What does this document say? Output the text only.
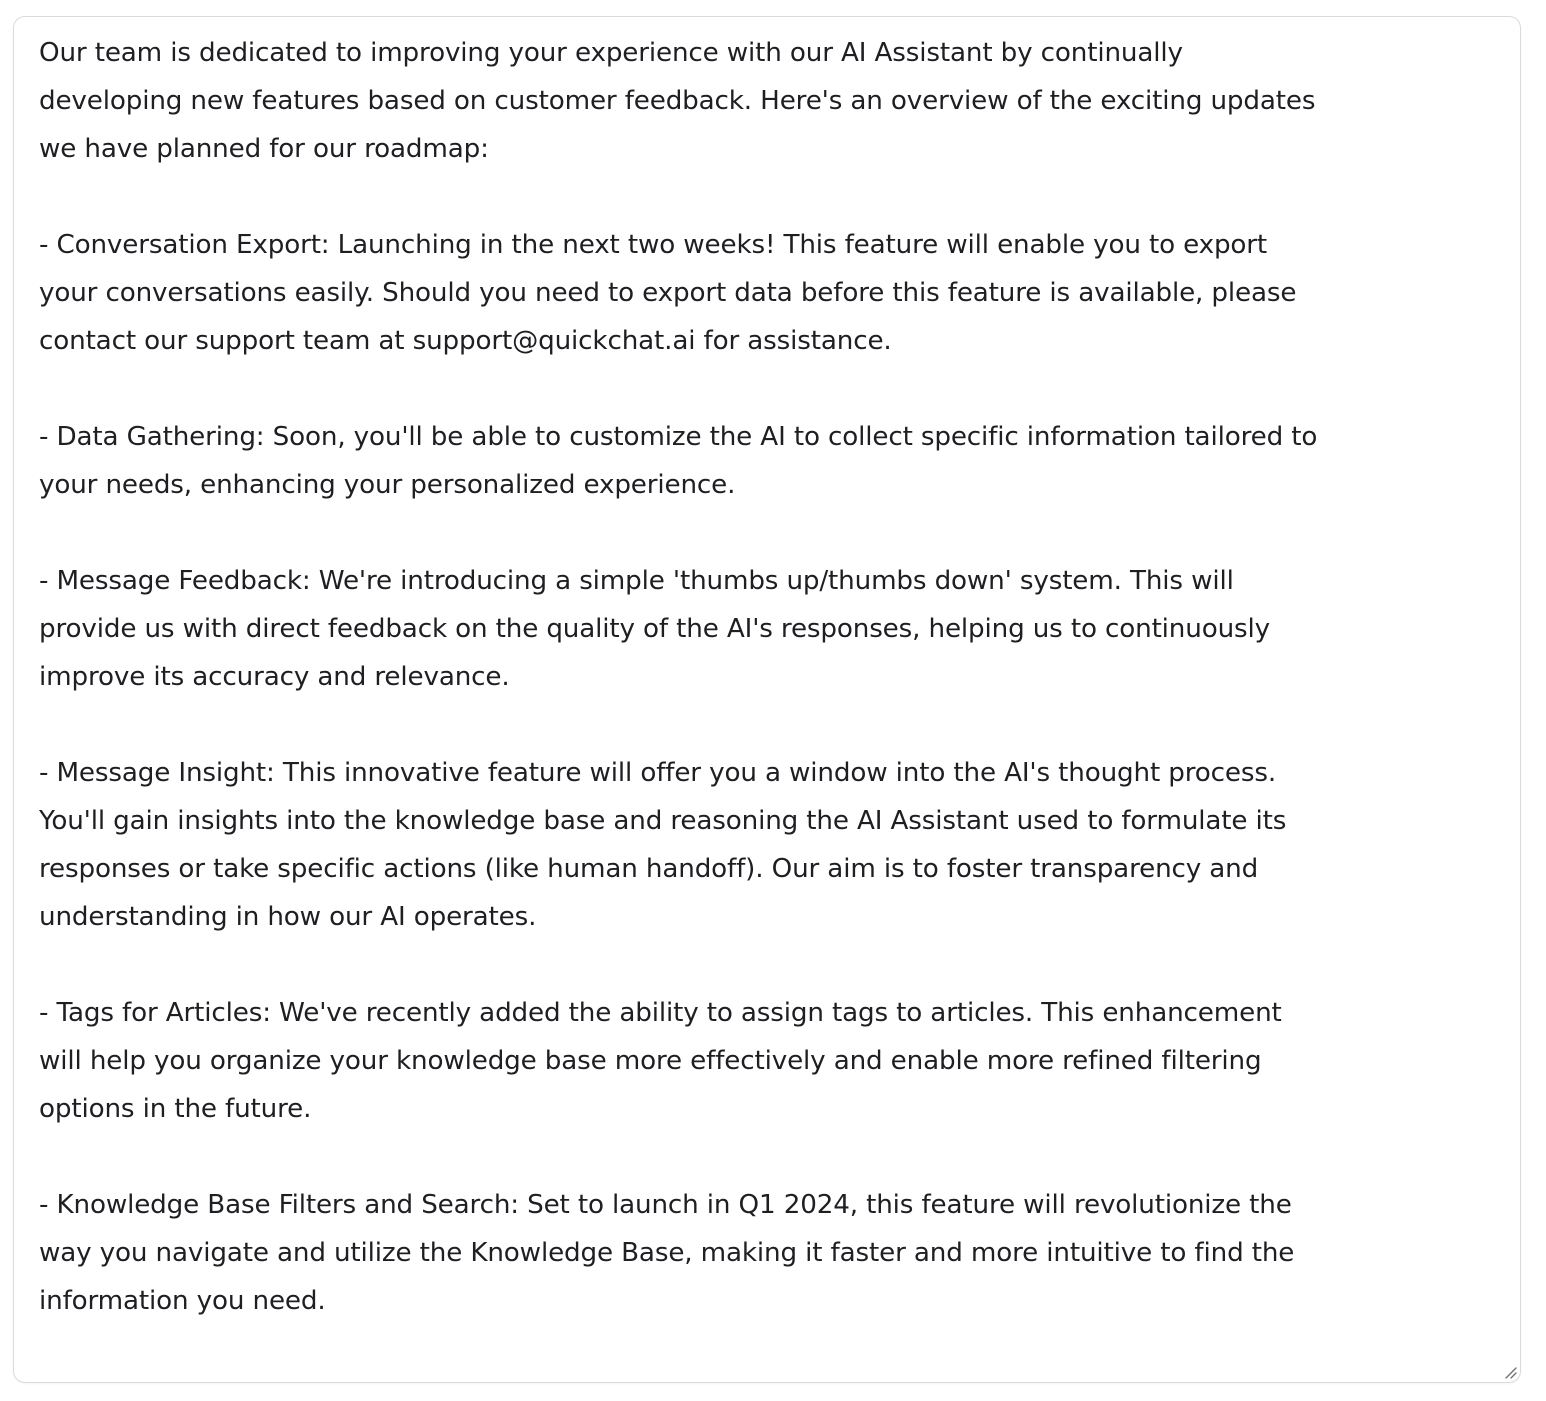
Our team is dedicated to improving your experience with our AI Assistant by continually
developing new features based on customer feedback. Here's an overview of the exciting updates
we have planned for our roadmap:
- Conversation Export: Launching in the next two weeks! This feature will enable you to export
your conversations easily. Should you need to export data before this feature is available, please
contact our support team at support@quickchat.ai for assistance.
- Data Gathering: Soon, you'll be able to customize the AI to collect specific information tailored to
your needs, enhancing your personalized experience.
- Message Feedback: We're introducing a simple 'thumbs up/thumbs down' system. This will
provide us with direct feedback on the quality of the AI's responses, helping us to continuously
improve its accuracy and relevance.
- Message Insight: This innovative feature will offer you a window into the AI's thought process.
You'll gain insights into the knowledge base and reasoning the AI Assistant used to formulate its
responses or take specific actions (like human handoff). Our aim is to foster transparency and
understanding in how our AI operates.
- Tags for Articles: We've recently added the ability to assign tags to articles. This enhancement
will help you organize your knowledge base more effectively and enable more refined filtering
options in the future.
- Knowledge Base Filters and Search: Set to launch in Q1 2024, this feature will revolutionize the
way you navigate and utilize the Knowledge Base, making it faster and more intuitive to find the
information you need.
